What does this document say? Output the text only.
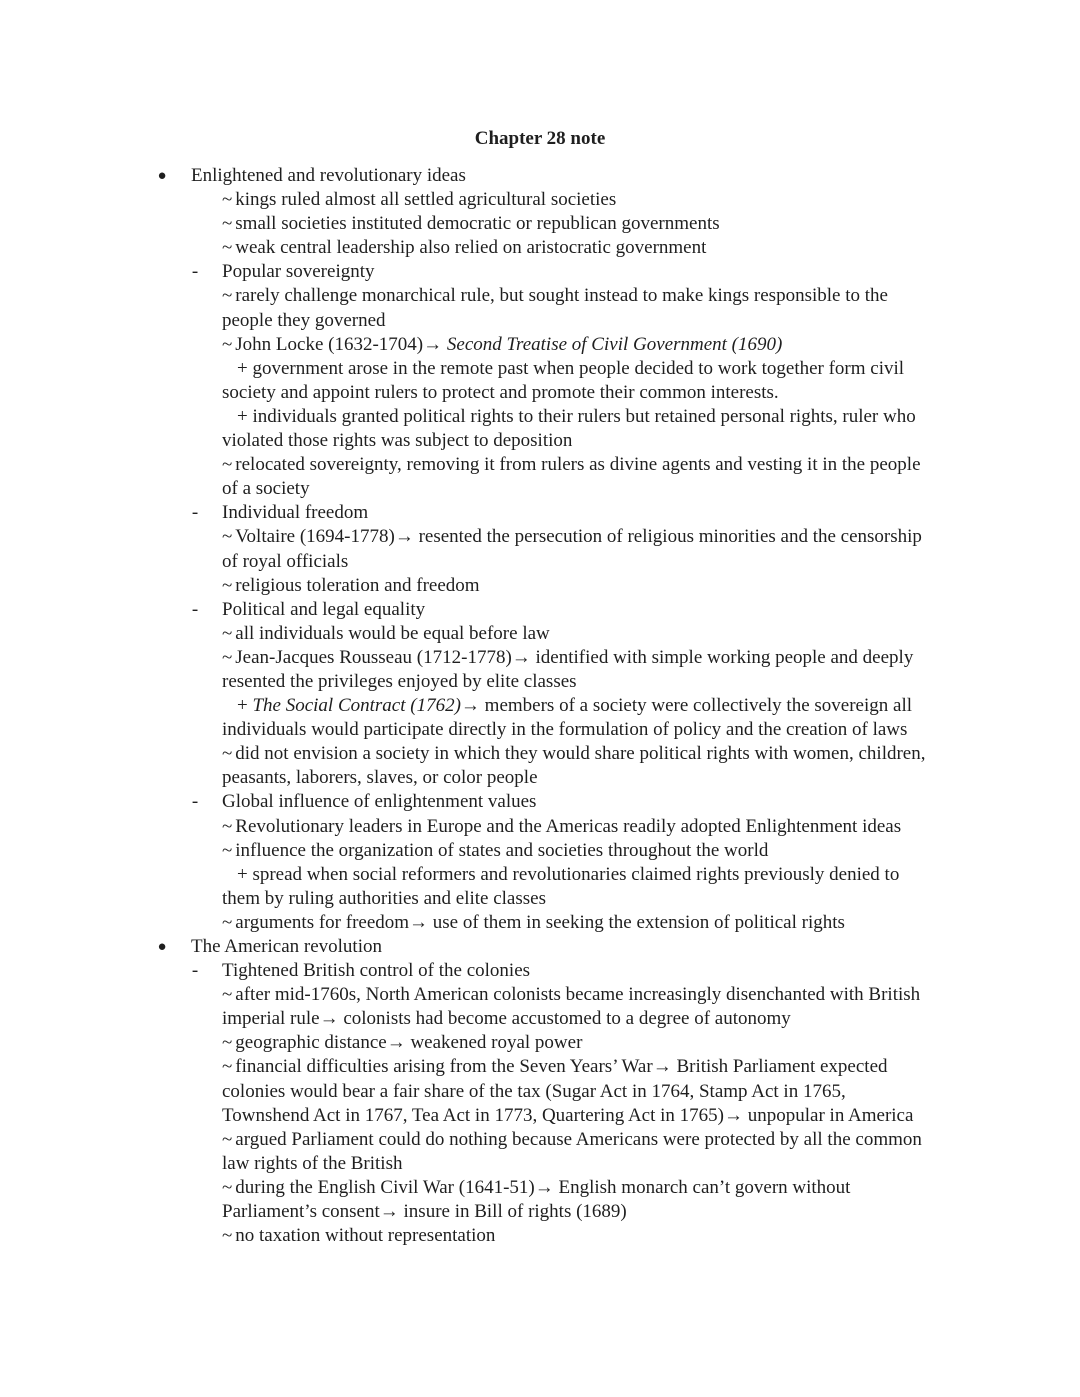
Chapter 28 note
● Enlightened and revolutionary ideas
~ kings ruled almost all settled agricultural societies
~ small societies instituted democratic or republican governments
~ weak central leadership also relied on aristocratic government
- Popular sovereignty
~ rarely challenge monarchical rule, but sought instead to make kings responsible to the
people they governed
~ John Locke (1632-1704)→ Second Treatise of Civil Government (1690)
+ government arose in the remote past when people decided to work together form civil
society and appoint rulers to protect and promote their common interests.
+ individuals granted political rights to their rulers but retained personal rights, ruler who
violated those rights was subject to deposition
~ relocated sovereignty, removing it from rulers as divine agents and vesting it in the people
of a society
- Individual freedom
~ Voltaire (1694-1778)→ resented the persecution of religious minorities and the censorship
of royal officials
~ religious toleration and freedom
- Political and legal equality
~ all individuals would be equal before law
~ Jean-Jacques Rousseau (1712-1778)→ identified with simple working people and deeply
resented the privileges enjoyed by elite classes
+ The Social Contract (1762)→ members of a society were collectively the sovereign all
individuals would participate directly in the formulation of policy and the creation of laws
~ did not envision a society in which they would share political rights with women, children,
peasants, laborers, slaves, or color people
- Global influence of enlightenment values
~ Revolutionary leaders in Europe and the Americas readily adopted Enlightenment ideas
~ influence the organization of states and societies throughout the world
+ spread when social reformers and revolutionaries claimed rights previously denied to
them by ruling authorities and elite classes
~ arguments for freedom→ use of them in seeking the extension of political rights
● The American revolution
- Tightened British control of the colonies
~ after mid-1760s, North American colonists became increasingly disenchanted with British
imperial rule→ colonists had become accustomed to a degree of autonomy
~ geographic distance→ weakened royal power
~ financial difficulties arising from the Seven Years’ War→ British Parliament expected
colonies would bear a fair share of the tax (Sugar Act in 1764, Stamp Act in 1765,
Townshend Act in 1767, Tea Act in 1773, Quartering Act in 1765)→ unpopular in America
~ argued Parliament could do nothing because Americans were protected by all the common
law rights of the British
~ during the English Civil War (1641-51)→ English monarch can’t govern without
Parliament’s consent→ insure in Bill of rights (1689)
~ no taxation without representation
